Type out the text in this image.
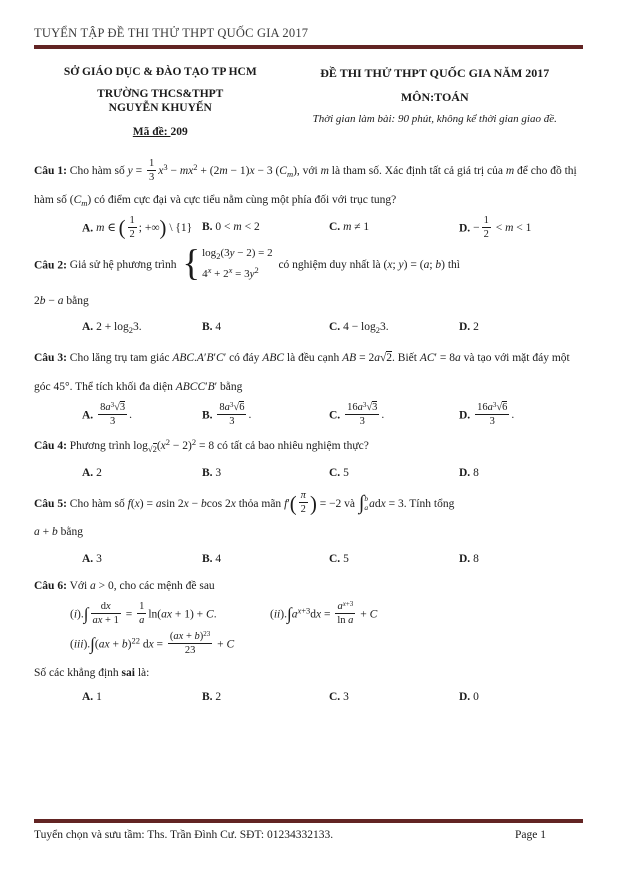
TUYỂN TẬP ĐỀ THI THỬ THPT QUỐC GIA 2017
SỞ GIÁO DỤC & ĐÀO TẠO TP HCM
TRƯỜNG THCS&THPT
NGUYỄN KHUYẾN
Mã đề: 209
ĐỀ THI THỬ THPT QUỐC GIA NĂM 2017
MÔN:TOÁN
Thời gian làm bài: 90 phút, không kể thời gian giao đề.

Câu 1: Cho hàm số $y = \frac{1}{3} x^3 - mx^2 + (2m - 1)x - 3$ $(C_m)$, với m là tham số. Xác định tất cả giá trị của m để cho đồ thị hàm số $(C_m)$ có điểm cực đại và cực tiểu nằm cùng một phía đối với trục tung?

A. m ∈ ( $\frac{1}{2}$ ; +∞) \ {1} B. 0 < m < 2	C. m ≠ 1	D. − $\frac{1}{2} < m < 1$

Câu 2: Giả sử hệ phương trình { $\log_2(3y - 2) = 2$
$4^x + 2^x = 3y^2$	có nghiệm duy nhất là (x; y) = (a; b) thì
2b − a bằng

A. $2 + \log_23$.	B. 4	C. $4 - \log_23$.	D. 2

Câu 3: Cho lăng trụ tam giác ABC.A′B′C′ có đáy ABC là đều cạnh AB = 2a√2. Biết AC′ = 8a và tạo với mặt đáy một góc 45°. Thể tích khối đa diện ABCC′B′ bằng

A. $\frac{8a^3√3}{3}$ .	B. $\frac{8a^3√6}{3}$ .	C. $\frac{16a^3√3}{3}$ .	D. $\frac{16a^3√6}{3}$ .

Câu 4: Phương trình $\log_{√2}(x^2 - 2)^2 = 8$ có tất cả bao nhiêu nghiệm thực?

A. 2	B. 3	C. 5	D. 8

Câu 5: Cho hàm số f(x) = asin 2x − bcos 2x thỏa mãn $f'( \frac{\pi}{2}$ ) = −2 và ∫ b
a adx = 3. Tính tổng
a + b bằng

A. 3	B. 4	C. 5	D. 8

Câu 6: Với a > 0, cho các mệnh đề sau

$(i).\int \frac{dx}{ax + 1} = \frac{1}{a} \ln(ax + 1) + C$.	$(ii).\int a^{x+3}dx = \frac{a^{x+3}}{\text{ln a}} + C$
(iii).∫(ax + b)$^{22}$ dx = $\frac{(ax + b)^{23}}{23} + C$

Số các khẳng định sai là:

A. 1	B. 2	C. 3	D. 0
Tuyển chọn và sưu tầm: Ths. Trần Đình Cư. SĐT: 01234332133.	Page 1
